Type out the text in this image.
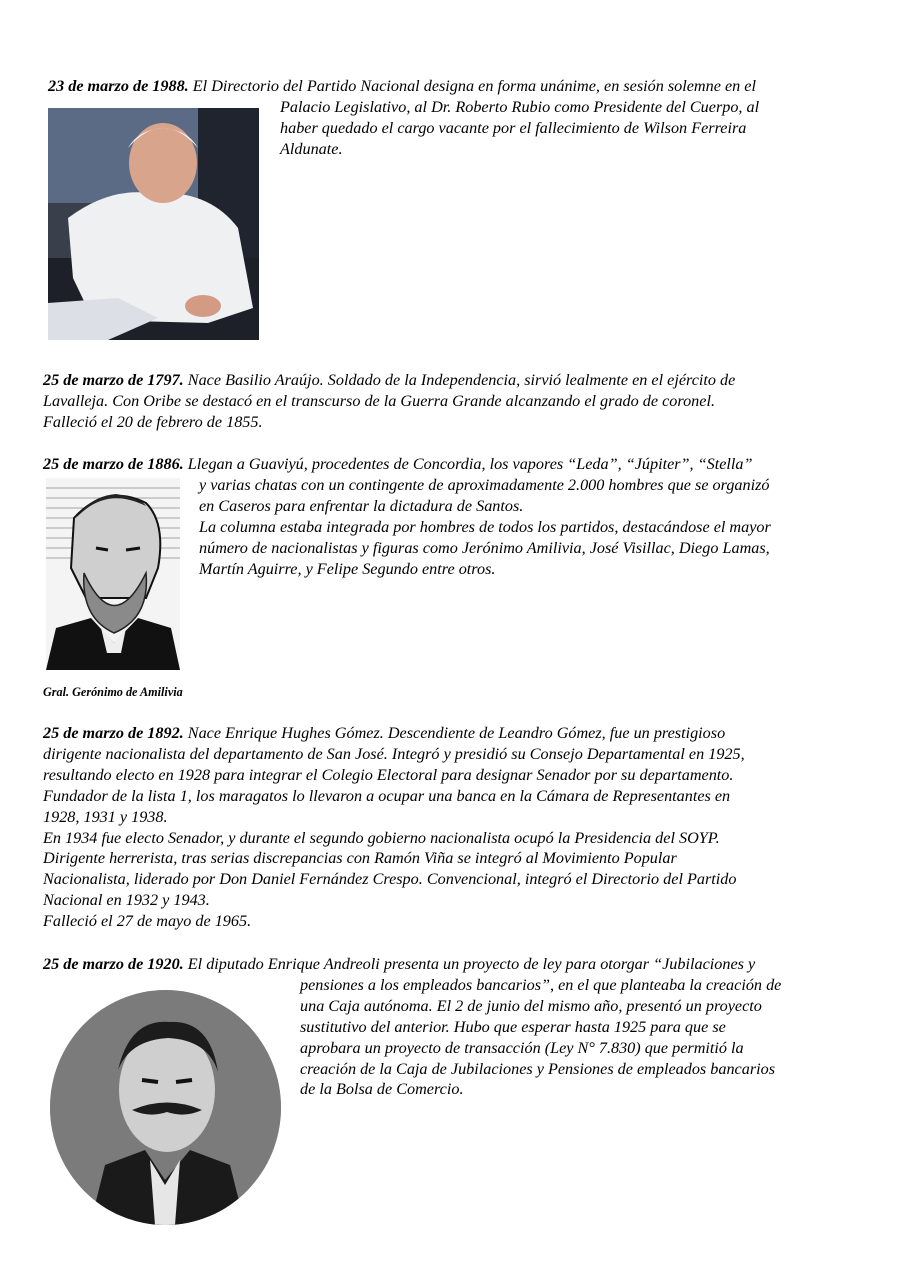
23 de marzo de 1988. El Directorio del Partido Nacional designa en forma unánime, en sesión solemne en el
Palacio Legislativo, al Dr. Roberto Rubio como Presidente del Cuerpo, al
haber quedado el cargo vacante por el fallecimiento de Wilson Ferreira
Aldunate.
25 de marzo de 1797. Nace Basilio Araújo. Soldado de la Independencia, sirvió lealmente en el ejército de
Lavalleja. Con Oribe se destacó en el transcurso de la Guerra Grande alcanzando el grado de coronel.
Falleció el 20 de febrero de 1855.
25 de marzo de 1886. Llegan a Guaviyú, procedentes de Concordia, los vapores “Leda”, “Júpiter”, “Stella”
y varias chatas con un contingente de aproximadamente 2.000 hombres que se organizó
en Caseros para enfrentar la dictadura de Santos.
La columna estaba integrada por hombres de todos los partidos, destacándose el mayor
número de nacionalistas y figuras como Jerónimo Amilivia, José Visillac, Diego Lamas,
Martín Aguirre, y Felipe Segundo entre otros.
Gral. Gerónimo de Amilivia
25 de marzo de 1892. Nace Enrique Hughes Gómez. Descendiente de Leandro Gómez, fue un prestigioso
dirigente nacionalista del departamento de San José. Integró y presidió su Consejo Departamental en 1925,
resultando electo en 1928 para integrar el Colegio Electoral para designar Senador por su departamento.
Fundador de la lista 1, los maragatos lo llevaron a ocupar una banca en la Cámara de Representantes en
1928, 1931 y 1938.
En 1934 fue electo Senador, y durante el segundo gobierno nacionalista ocupó la Presidencia del SOYP.
Dirigente herrerista, tras serias discrepancias con Ramón Viña se integró al Movimiento Popular
Nacionalista, liderado por Don Daniel Fernández Crespo. Convencional, integró el Directorio del Partido
Nacional en 1932 y 1943.
Falleció el 27 de mayo de 1965.
25 de marzo de 1920. El diputado Enrique Andreoli presenta un proyecto de ley para otorgar “Jubilaciones y
pensiones a los empleados bancarios”, en el que planteaba la creación de
una Caja autónoma. El 2 de junio del mismo año, presentó un proyecto
sustitutivo del anterior. Hubo que esperar hasta 1925 para que se
aprobara un proyecto de transacción (Ley N° 7.830) que permitió la
creación de la Caja de Jubilaciones y Pensiones de empleados bancarios
de la Bolsa de Comercio.
